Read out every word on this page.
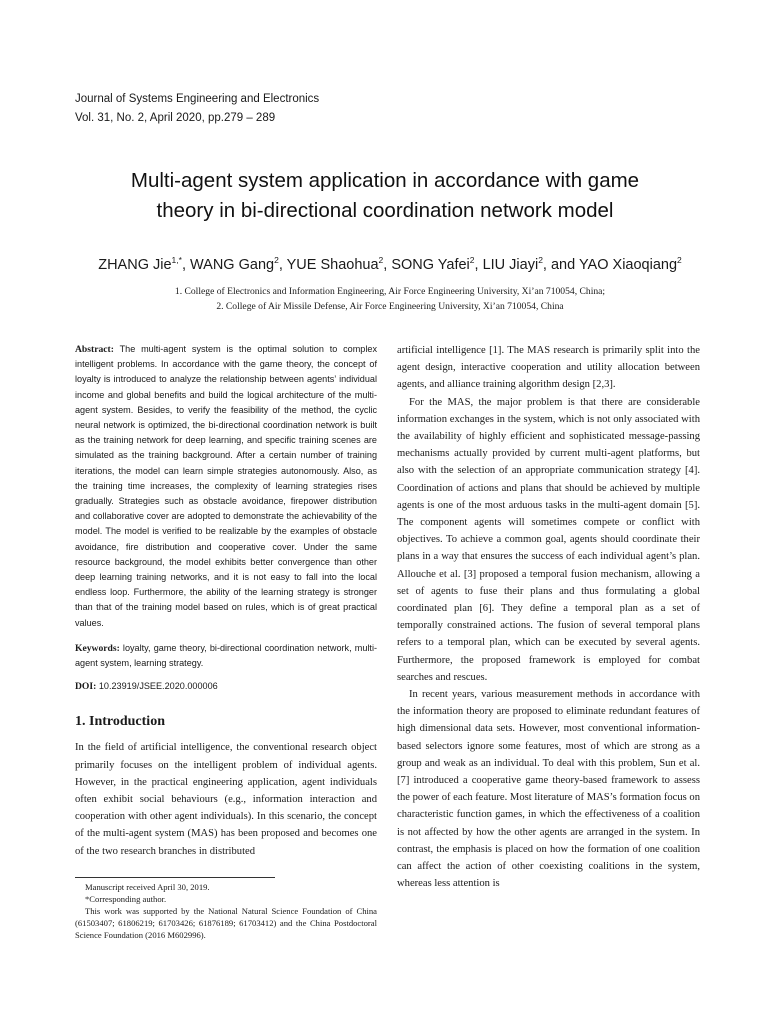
Journal of Systems Engineering and Electronics
Vol. 31, No. 2, April 2020, pp.279 – 289
Multi-agent system application in accordance with game
theory in bi-directional coordination network model
ZHANG Jie$^{1,*}$, WANG Gang$^2$, YUE Shaohua$^2$, SONG Yafei$^2$, LIU Jiayi$^2$, and YAO Xiaoqiang$^2$
1. College of Electronics and Information Engineering, Air Force Engineering University, Xi’an 710054, China;
2. College of Air Missile Defense, Air Force Engineering University, Xi’an 710054, China

Abstract: The multi-agent system is the optimal solution to complex intelligent problems. In accordance with the game theory, the concept of loyalty is introduced to analyze the relationship between agents’ individual income and global benefits and build the logical architecture of the multi-agent system. Besides, to verify the feasibility of the method, the cyclic neural network is optimized, the bi-directional coordination network is built as the training network for deep learning, and specific training scenes are simulated as the training background. After a certain number of training iterations, the model can learn simple strategies autonomously. Also, as the training time increases, the complexity of learning strategies rises gradually. Strategies such as obstacle avoidance, firepower distribution and collaborative cover are adopted to demonstrate the achievability of the model. The model is verified to be realizable by the examples of obstacle avoidance, fire distribution and cooperative cover. Under the same resource background, the model exhibits better convergence than other deep learning training networks, and it is not easy to fall into the local endless loop. Furthermore, the ability of the learning strategy is stronger than that of the training model based on rules, which is of great practical values.

Keywords: loyalty, game theory, bi-directional coordination network, multi-agent system, learning strategy.

DOI: 10.23919/JSEE.2020.000006

1. Introduction

In the field of artificial intelligence, the conventional research object primarily focuses on the intelligent problem of individual agents. However, in the practical engineering application, agent individuals often exhibit social behaviours (e.g., information interaction and cooperation with other agent individuals). In this scenario, the concept of the multi-agent system (MAS) has been proposed and becomes one of the two research branches in distributed

Manuscript received April 30, 2019.

*Corresponding author.

This work was supported by the National Natural Science Foundation of China (61503407; 61806219; 61703426; 61876189; 61703412) and the China Postdoctoral Science Foundation (2016 M602996).

artificial intelligence [1]. The MAS research is primarily split into the agent design, interactive cooperation and utility allocation between agents, and alliance training algorithm design [2,3].

For the MAS, the major problem is that there are considerable information exchanges in the system, which is not only associated with the availability of highly efficient and sophisticated message-passing mechanisms actually provided by current multi-agent platforms, but also with the selection of an appropriate communication strategy [4]. Coordination of actions and plans that should be achieved by multiple agents is one of the most arduous tasks in the multi-agent domain [5]. The component agents will sometimes compete or conflict with objectives. To achieve a common goal, agents should coordinate their plans in a way that ensures the success of each individual agent’s plan. Allouche et al. [3] proposed a temporal fusion mechanism, allowing a set of agents to fuse their plans and thus formulating a global coordinated plan [6]. They define a temporal plan as a set of temporally constrained actions. The fusion of several temporal plans refers to a temporal plan, which can be executed by several agents. Furthermore, the proposed framework is employed for combat searches and rescues.

In recent years, various measurement methods in accordance with the information theory are proposed to eliminate redundant features of high dimensional data sets. However, most conventional information-based selectors ignore some features, most of which are strong as a group and weak as an individual. To deal with this problem, Sun et al. [7] introduced a cooperative game theory-based framework to assess the power of each feature. Most literature of MAS’s formation focus on characteristic function games, in which the effectiveness of a coalition is not affected by how the other agents are arranged in the system. In contrast, the emphasis is placed on how the formation of one coalition can affect the action of other coexisting coalitions in the system, whereas less attention is
